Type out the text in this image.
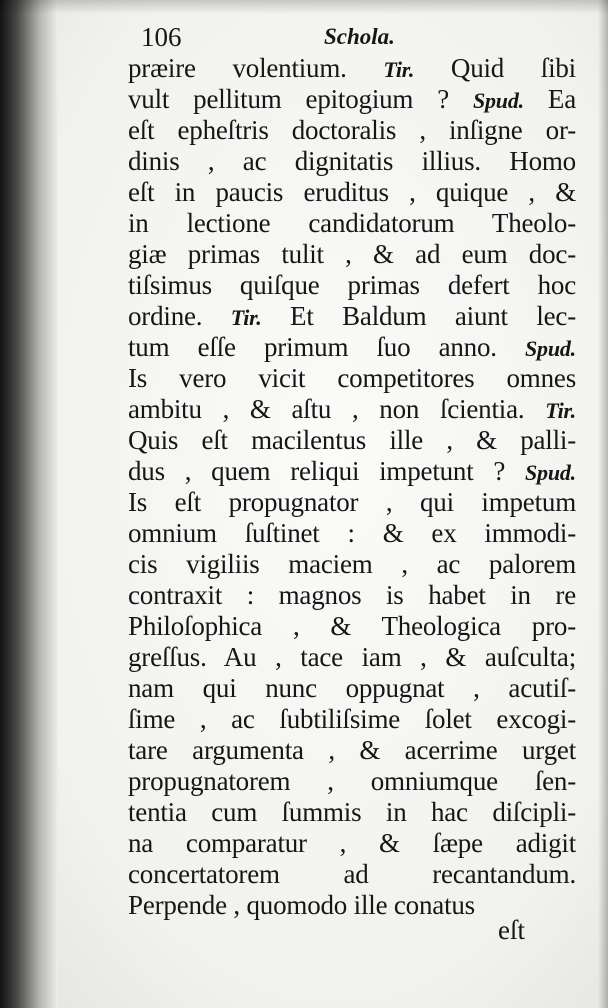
106	Schola.
præire volentium. Tir. Quid ſibi
vult pellitum epitogium ? Spud. Ea
eſt epheſtris doctoralis , inſigne or-
dinis , ac dignitatis illius. Homo
eſt in paucis eruditus , quique , &
in lectione candidatorum Theolo-
giæ primas tulit , & ad eum doc-
tiſsimus quiſque primas defert hoc
ordine. Tir. Et Baldum aiunt lec-
tum eſſe primum ſuo anno. Spud.
Is vero vicit competitores omnes
ambitu , & aſtu , non ſcientia. Tir.
Quis eſt macilentus ille , & palli-
dus , quem reliqui impetunt ? Spud.
Is eſt propugnator , qui impetum
omnium ſuſtinet : & ex immodi-
cis vigiliis maciem , ac palorem
contraxit : magnos is habet in re
Philoſophica , & Theologica pro-
greſſus. Au , tace iam , & auſculta;
nam qui nunc oppugnat , acutiſ-
ſime , ac ſubtiliſsime ſolet excogi-
tare argumenta , & acerrime urget
propugnatorem , omniumque ſen-
tentia cum ſummis in hac diſcipli-
na comparatur , & ſæpe adigit
concertatorem ad recantandum.
Perpende , quomodo ille conatus
eſt
